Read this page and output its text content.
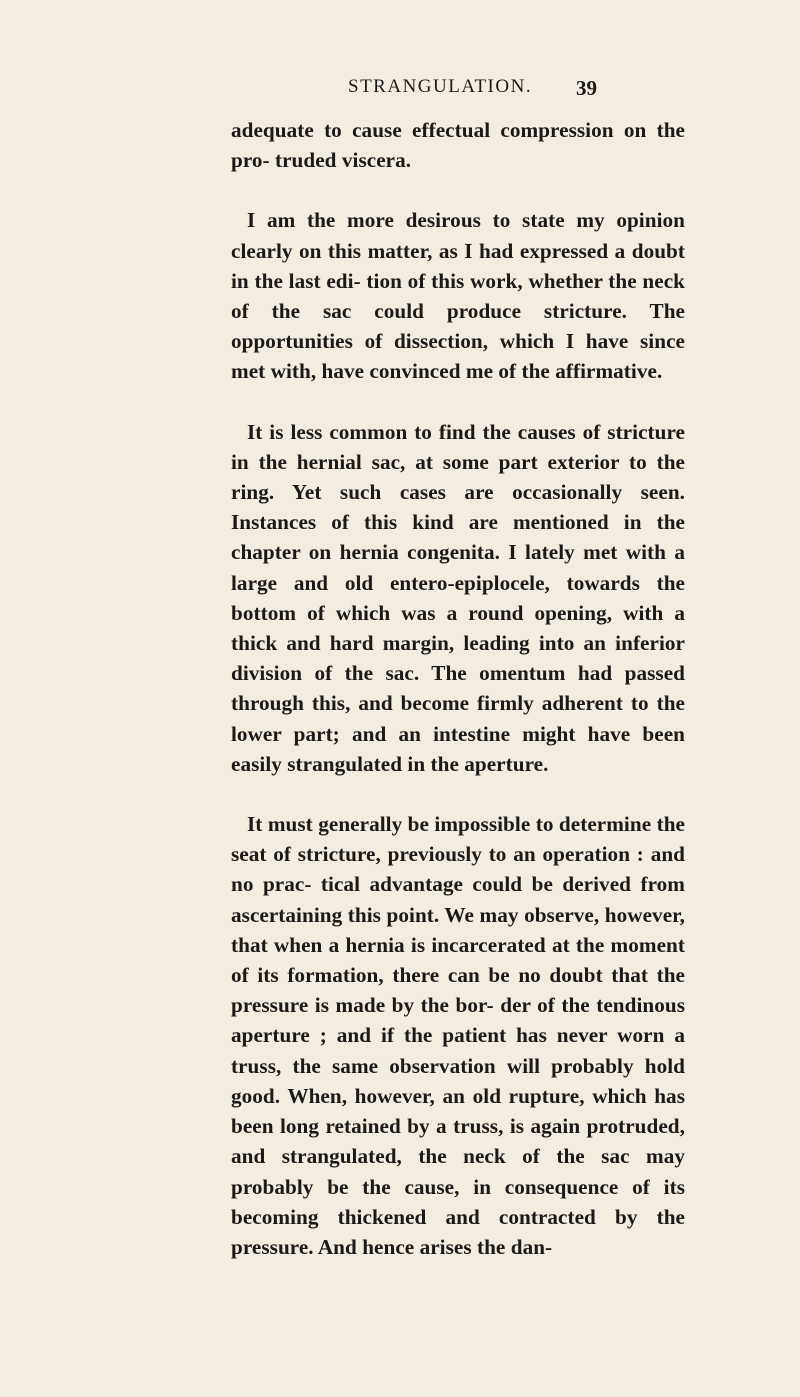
STRANGULATION. 39

adequate to cause effectual compression on the pro- truded viscera.

I am the more desirous to state my opinion clearly on this matter, as I had expressed a doubt in the last edi- tion of this work, whether the neck of the sac could produce stricture. The opportunities of dissection, which I have since met with, have convinced me of the affirmative.

It is less common to find the causes of stricture in the hernial sac, at some part exterior to the ring. Yet such cases are occasionally seen. Instances of this kind are mentioned in the chapter on hernia congenita. I lately met with a large and old entero-epiplocele, towards the bottom of which was a round opening, with a thick and hard margin, leading into an inferior division of the sac. The omentum had passed through this, and become firmly adherent to the lower part; and an intestine might have been easily strangulated in the aperture.

It must generally be impossible to determine the seat of stricture, previously to an operation : and no prac- tical advantage could be derived from ascertaining this point. We may observe, however, that when a hernia is incarcerated at the moment of its formation, there can be no doubt that the pressure is made by the bor- der of the tendinous aperture ; and if the patient has never worn a truss, the same observation will probably hold good. When, however, an old rupture, which has been long retained by a truss, is again protruded, and strangulated, the neck of the sac may probably be the cause, in consequence of its becoming thickened and contracted by the pressure. And hence arises the dan-
